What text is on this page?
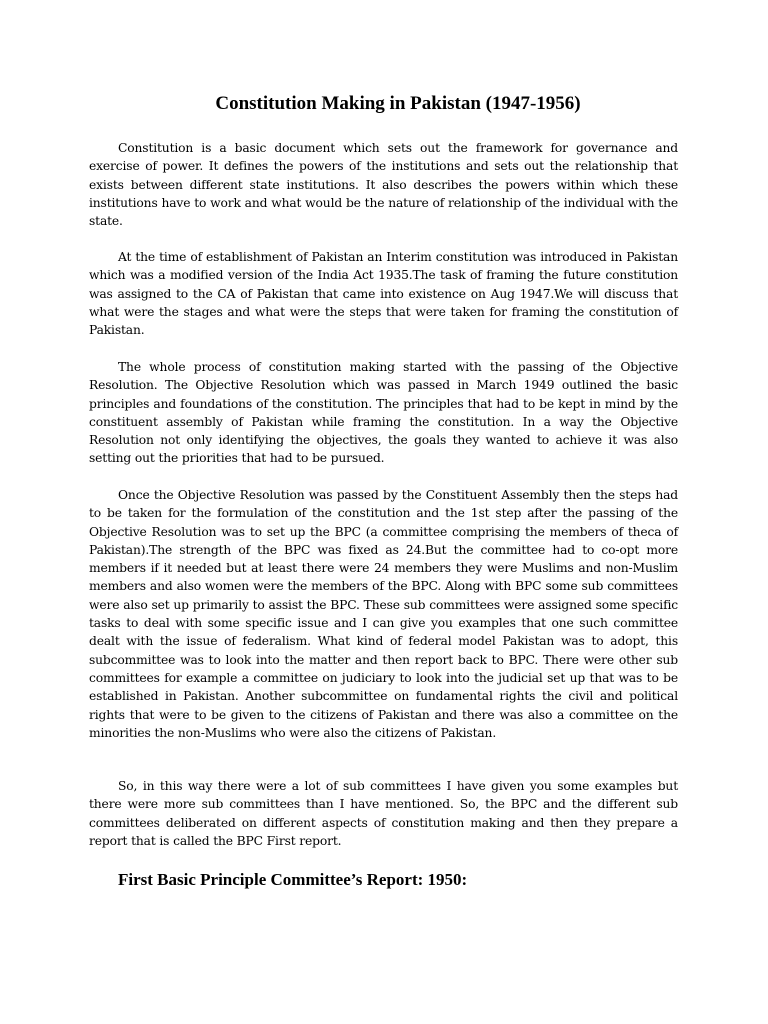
Constitution Making in Pakistan (1947-1956)

Constitution is a basic document which sets out the framework for governance and exercise of power. It defines the powers of the institutions and sets out the relationship that exists between different state institutions. It also describes the powers within which these institutions have to work and what would be the nature of relationship of the individual with the state.

At the time of establishment of Pakistan an Interim constitution was introduced in Pakistan which was a modified version of the India Act 1935.The task of framing the future constitution was assigned to the CA of Pakistan that came into existence on Aug 1947.We will discuss that what were the stages and what were the steps that were taken for framing the constitution of Pakistan.

The whole process of constitution making started with the passing of the Objective Resolution. The Objective Resolution which was passed in March 1949 outlined the basic principles and foundations of the constitution. The principles that had to be kept in mind by the constituent assembly of Pakistan while framing the constitution. In a way the Objective Resolution not only identifying the objectives, the goals they wanted to achieve it was also setting out the priorities that had to be pursued.

Once the Objective Resolution was passed by the Constituent Assembly then the steps had to be taken for the formulation of the constitution and the 1st step after the passing of the Objective Resolution was to set up the BPC (a committee comprising the members of theca of Pakistan).The strength of the BPC was fixed as 24.But the committee had to co-opt more members if it needed but at least there were 24 members they were Muslims and non-Muslim members and also women were the members of the BPC. Along with BPC some sub committees were also set up primarily to assist the BPC. These sub committees were assigned some specific tasks to deal with some specific issue and I can give you examples that one such committee dealt with the issue of federalism. What kind of federal model Pakistan was to adopt, this subcommittee was to look into the matter and then report back to BPC. There were other sub committees for example a committee on judiciary to look into the judicial set up that was to be established in Pakistan. Another subcommittee on fundamental rights the civil and political rights that were to be given to the citizens of Pakistan and there was also a committee on the minorities the non-Muslims who were also the citizens of Pakistan.

So, in this way there were a lot of sub committees I have given you some examples but there were more sub committees than I have mentioned. So, the BPC and the different sub committees deliberated on different aspects of constitution making and then they prepare a report that is called the BPC First report.

First Basic Principle Committee’s Report: 1950:
